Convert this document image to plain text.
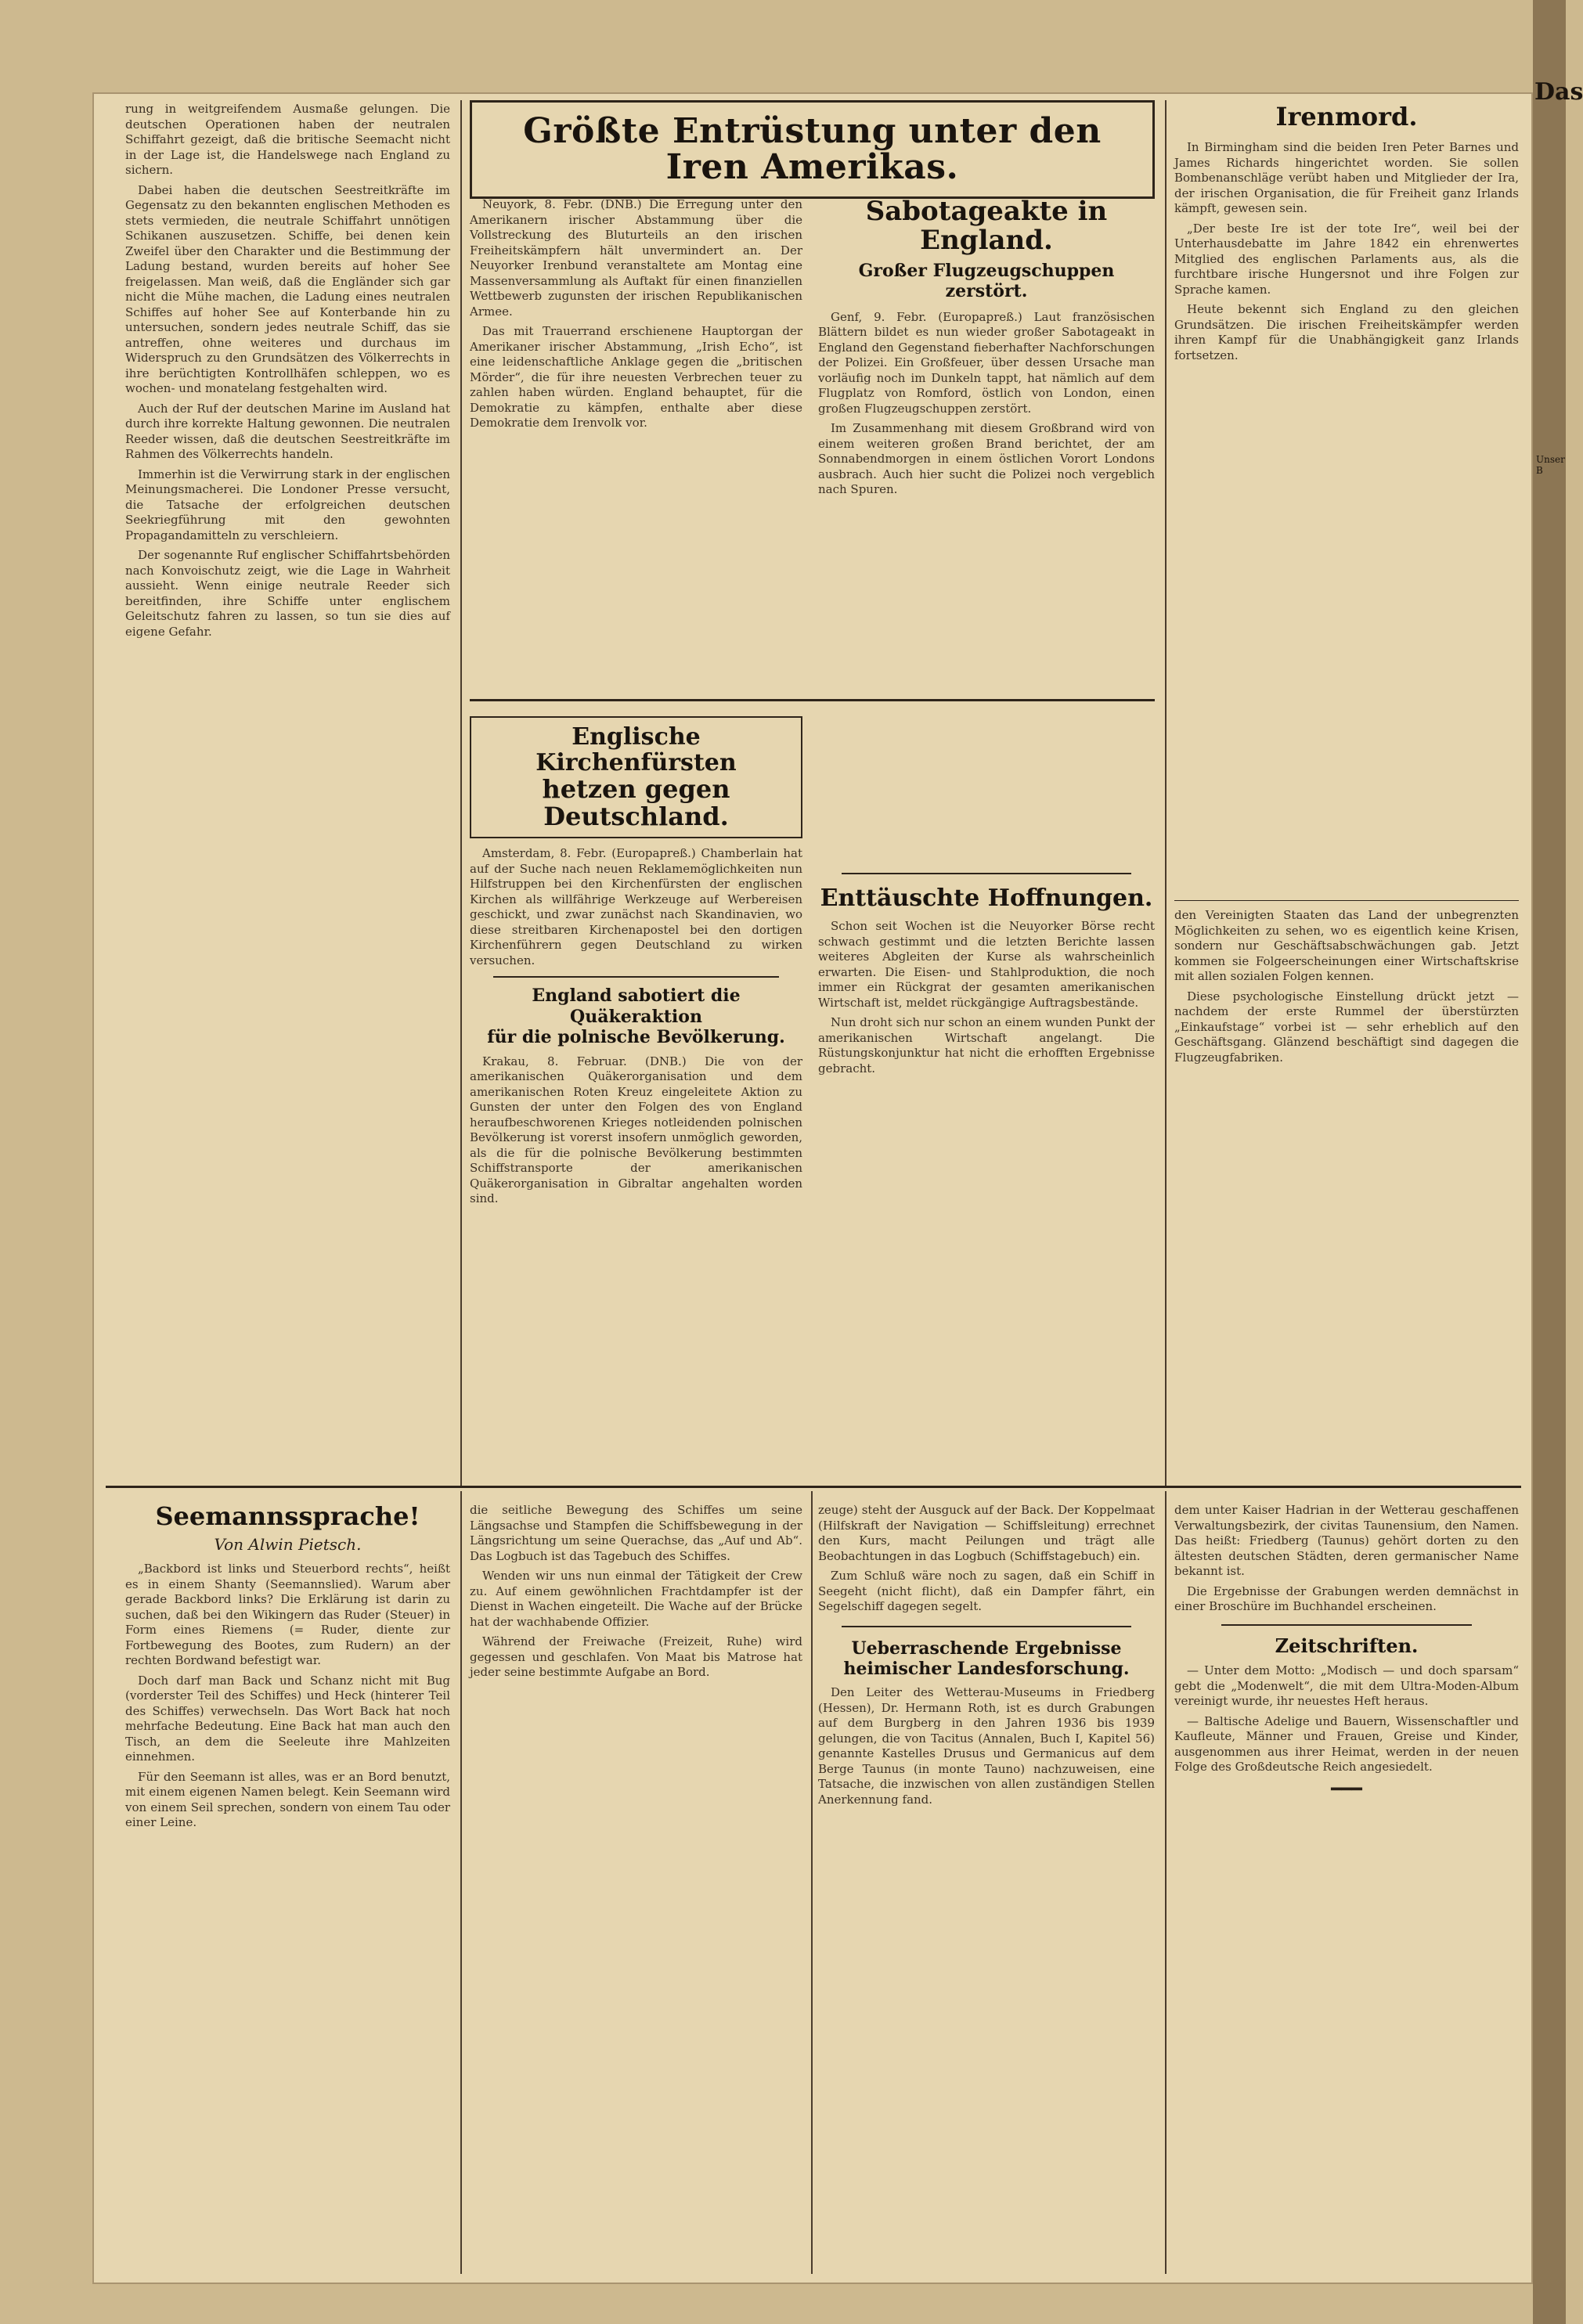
rung in weitgreifendem Ausmaße gelungen. Die deutschen Operationen haben der neutralen Schiffahrt gezeigt, daß die britische Seemacht nicht in der Lage ist, die Handelswege nach England zu sichern.

Dabei haben die deutschen Seestreitkräfte im Gegensatz zu den bekannten englischen Methoden es stets vermieden, die neutrale Schiffahrt unnötigen Schikanen auszusetzen. Schiffe, bei denen kein Zweifel über den Charakter und die Bestimmung der Ladung bestand, wurden bereits auf hoher See freigelassen. Man weiß, daß die Engländer sich gar nicht die Mühe machen, die Ladung eines neutralen Schiffes auf hoher See auf Konterbande hin zu untersuchen, sondern jedes neutrale Schiff, das sie antreffen, ohne weiteres und durchaus im Widerspruch zu den Grundsätzen des Völkerrechts in ihre berüchtigten Kontrollhäfen schleppen, wo es wochen- und monatelang festgehalten wird.

Auch der Ruf der deutschen Marine im Ausland hat durch ihre korrekte Haltung gewonnen. Die neutralen Reeder wissen, daß die deutschen Seestreitkräfte im Rahmen des Völkerrechts handeln.

Immerhin ist die Verwirrung stark in der englischen Meinungsmacherei. Die Londoner Presse versucht, die Tatsache der erfolgreichen deutschen Seekriegführung mit den gewohnten Propagandamitteln zu verschleiern.

Der sogenannte Ruf englischer Schiffahrtsbehörden nach Konvoischutz zeigt, wie die Lage in Wahrheit aussieht. Wenn einige neutrale Reeder sich bereitfinden, ihre Schiffe unter englischem Geleitschutz fahren zu lassen, so tun sie dies auf eigene Gefahr.

Größte Entrüstung unter den Iren Amerikas.

Neuyork, 8. Febr. (DNB.) Die Erregung unter den Amerikanern irischer Abstammung über die Vollstreckung des Bluturteils an den irischen Freiheitskämpfern hält unvermindert an. Der Neuyorker Irenbund veranstaltete am Montag eine Massenversammlung als Auftakt für einen finanziellen Wettbewerb zugunsten der irischen Republikanischen Armee.

Das mit Trauerrand erschienene Hauptorgan der Amerikaner irischer Abstammung, „Irish Echo“, ist eine leidenschaftliche Anklage gegen die „britischen Mörder“, die für ihre neuesten Verbrechen teuer zu zahlen haben würden. England behauptet, für die Demokratie zu kämpfen, enthalte aber diese Demokratie dem Irenvolk vor.

Sabotageakte in England.
Großer Flugzeugschuppen zerstört.

Genf, 9. Febr. (Europapreß.) Laut französischen Blättern bildet es nun wieder großer Sabotageakt in England den Gegenstand fieberhafter Nachforschungen der Polizei. Ein Großfeuer, über dessen Ursache man vorläufig noch im Dunkeln tappt, hat nämlich auf dem Flugplatz von Romford, östlich von London, einen großen Flugzeugschuppen zerstört.

Im Zusammenhang mit diesem Großbrand wird von einem weiteren großen Brand berichtet, der am Sonnabendmorgen in einem östlichen Vorort Londons ausbrach. Auch hier sucht die Polizei noch vergeblich nach Spuren.

Englische Kirchenfürsten
hetzen gegen Deutschland.

Amsterdam, 8. Febr. (Europapreß.) Chamberlain hat auf der Suche nach neuen Reklamemöglichkeiten nun Hilfstruppen bei den Kirchenfürsten der englischen Kirchen als willfährige Werkzeuge auf Werbereisen geschickt, und zwar zunächst nach Skandinavien, wo diese streitbaren Kirchenapostel bei den dortigen Kirchenführern gegen Deutschland zu wirken versuchen.

England sabotiert die Quäkeraktion
für die polnische Bevölkerung.

Krakau, 8. Februar. (DNB.) Die von der amerikanischen Quäkerorganisation und dem amerikanischen Roten Kreuz eingeleitete Aktion zu Gunsten der unter den Folgen des von England heraufbeschworenen Krieges notleidenden polnischen Bevölkerung ist vorerst insofern unmöglich geworden, als die für die polnische Bevölkerung bestimmten Schiffstransporte der amerikanischen Quäkerorganisation in Gibraltar angehalten worden sind.

Enttäuschte Hoffnungen.

Schon seit Wochen ist die Neuyorker Börse recht schwach gestimmt und die letzten Berichte lassen weiteres Abgleiten der Kurse als wahrscheinlich erwarten. Die Eisen- und Stahlproduktion, die noch immer ein Rückgrat der gesamten amerikanischen Wirtschaft ist, meldet rückgängige Auftragsbestände.

Nun droht sich nur schon an einem wunden Punkt der amerikanischen Wirtschaft angelangt. Die Rüstungskonjunktur hat nicht die erhofften Ergebnisse gebracht.

Irenmord.

In Birmingham sind die beiden Iren Peter Barnes und James Richards hingerichtet worden. Sie sollen Bombenanschläge verübt haben und Mitglieder der Ira, der irischen Organisation, die für Freiheit ganz Irlands kämpft, gewesen sein.

„Der beste Ire ist der tote Ire“, weil bei der Unterhausdebatte im Jahre 1842 ein ehrenwertes Mitglied des englischen Parlaments aus, als die furchtbare irische Hungersnot und ihre Folgen zur Sprache kamen.

Heute bekennt sich England zu den gleichen Grundsätzen. Die irischen Freiheitskämpfer werden ihren Kampf für die Unabhängigkeit ganz Irlands fortsetzen.

den Vereinigten Staaten das Land der unbegrenzten Möglichkeiten zu sehen, wo es eigentlich keine Krisen, sondern nur Geschäftsabschwächungen gab. Jetzt kommen sie Folgeerscheinungen einer Wirtschaftskrise mit allen sozialen Folgen kennen.

Diese psychologische Einstellung drückt jetzt — nachdem der erste Rummel der überstürzten „Einkaufstage“ vorbei ist — sehr erheblich auf den Geschäftsgang. Glänzend beschäftigt sind dagegen die Flugzeugfabriken.

Seemannssprache!
Von Alwin Pietsch.

„Backbord ist links und Steuerbord rechts“, heißt es in einem Shanty (Seemannslied). Warum aber gerade Backbord links? Die Erklärung ist darin zu suchen, daß bei den Wikingern das Ruder (Steuer) in Form eines Riemens (= Ruder, diente zur Fortbewegung des Bootes, zum Rudern) an der rechten Bordwand befestigt war.

Doch darf man Back und Schanz nicht mit Bug (vorderster Teil des Schiffes) und Heck (hinterer Teil des Schiffes) verwechseln. Das Wort Back hat noch mehrfache Bedeutung. Eine Back hat man auch den Tisch, an dem die Seeleute ihre Mahlzeiten einnehmen.

Für den Seemann ist alles, was er an Bord benutzt, mit einem eigenen Namen belegt. Kein Seemann wird von einem Seil sprechen, sondern von einem Tau oder einer Leine.

die seitliche Bewegung des Schiffes um seine Längsachse und Stampfen die Schiffsbewegung in der Längsrichtung um seine Querachse, das „Auf und Ab“. Das Logbuch ist das Tagebuch des Schiffes.

Wenden wir uns nun einmal der Tätigkeit der Crew zu. Auf einem gewöhnlichen Frachtdampfer ist der Dienst in Wachen eingeteilt. Die Wache auf der Brücke hat der wachhabende Offizier.

Während der Freiwache (Freizeit, Ruhe) wird gegessen und geschlafen. Von Maat bis Matrose hat jeder seine bestimmte Aufgabe an Bord.

zeuge) steht der Ausguck auf der Back. Der Koppelmaat (Hilfskraft der Navigation — Schiffsleitung) errechnet den Kurs, macht Peilungen und trägt alle Beobachtungen in das Logbuch (Schiffstagebuch) ein.

Zum Schluß wäre noch zu sagen, daß ein Schiff in Seegeht (nicht flicht), daß ein Dampfer fährt, ein Segelschiff dagegen segelt.

Ueberraschende Ergebnisse
heimischer Landesforschung.

Den Leiter des Wetterau-Museums in Friedberg (Hessen), Dr. Hermann Roth, ist es durch Grabungen auf dem Burgberg in den Jahren 1936 bis 1939 gelungen, die von Tacitus (Annalen, Buch I, Kapitel 56) genannte Kastelles Drusus und Germanicus auf dem Berge Taunus (in monte Tauno) nachzuweisen, eine Tatsache, die inzwischen von allen zuständigen Stellen Anerkennung fand.

dem unter Kaiser Hadrian in der Wetterau geschaffenen Verwaltungsbezirk, der civitas Taunensium, den Namen. Das heißt: Friedberg (Taunus) gehört dorten zu den ältesten deutschen Städten, deren germanischer Name bekannt ist.

Die Ergebnisse der Grabungen werden demnächst in einer Broschüre im Buchhandel erscheinen.

Zeitschriften.

— Unter dem Motto: „Modisch — und doch sparsam“ gebt die „Modenwelt“, die mit dem Ultra-Moden-Album vereinigt wurde, ihr neuestes Heft heraus.

— Baltische Adelige und Bauern, Wissenschaftler und Kaufleute, Männer und Frauen, Greise und Kinder, ausgenommen aus ihrer Heimat, werden in der neuen Folge des Großdeutsche Reich angesiedelt.

━━━
Das
Unser B
